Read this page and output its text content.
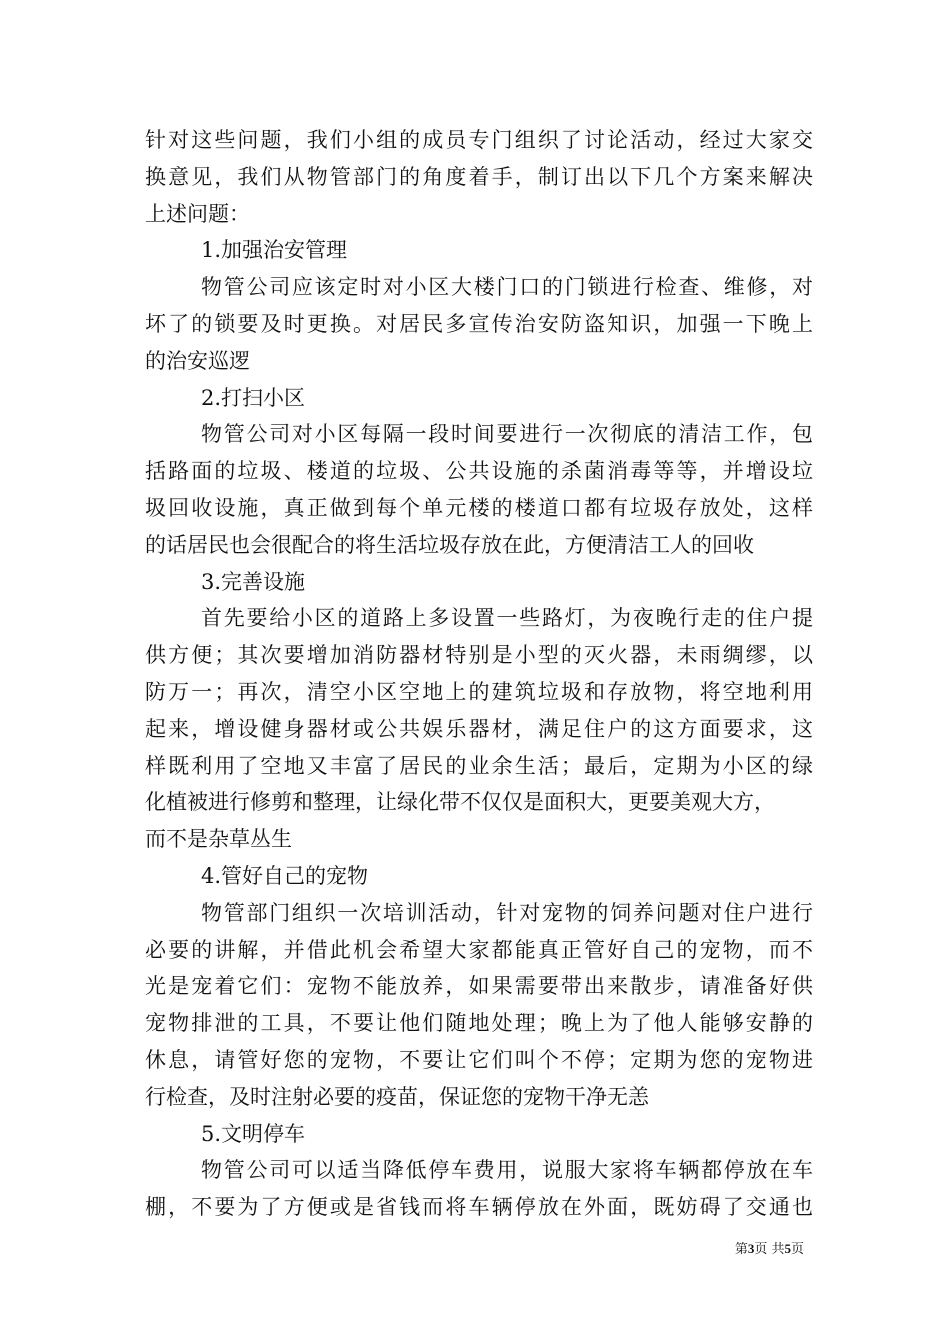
针对这些问题，我们小组的成员专门组织了讨论活动，经过大家交
换意见，我们从物管部门的角度着手，制订出以下几个方案来解决
上述问题：
1.加强治安管理
物管公司应该定时对小区大楼门口的门锁进行检查、维修，对
坏了的锁要及时更换。对居民多宣传治安防盗知识，加强一下晚上
的治安巡逻
2.打扫小区
物管公司对小区每隔一段时间要进行一次彻底的清洁工作，包
括路面的垃圾、楼道的垃圾、公共设施的杀菌消毒等等，并增设垃
圾回收设施，真正做到每个单元楼的楼道口都有垃圾存放处，这样
的话居民也会很配合的将生活垃圾存放在此，方便清洁工人的回收
3.完善设施
首先要给小区的道路上多设置一些路灯，为夜晚行走的住户提
供方便；其次要增加消防器材特别是小型的灭火器，未雨绸缪，以
防万一；再次，清空小区空地上的建筑垃圾和存放物，将空地利用
起来，增设健身器材或公共娱乐器材，满足住户的这方面要求，这
样既利用了空地又丰富了居民的业余生活；最后，定期为小区的绿
化植被进行修剪和整理，让绿化带不仅仅是面积大，更要美观大方，
而不是杂草丛生
4.管好自己的宠物
物管部门组织一次培训活动，针对宠物的饲养问题对住户进行
必要的讲解，并借此机会希望大家都能真正管好自己的宠物，而不
光是宠着它们：宠物不能放养，如果需要带出来散步，请准备好供
宠物排泄的工具，不要让他们随地处理；晚上为了他人能够安静的
休息，请管好您的宠物，不要让它们叫个不停；定期为您的宠物进
行检查，及时注射必要的疫苗，保证您的宠物干净无恙
5.文明停车
物管公司可以适当降低停车费用，说服大家将车辆都停放在车
棚，不要为了方便或是省钱而将车辆停放在外面，既妨碍了交通也
第3页 共5页
